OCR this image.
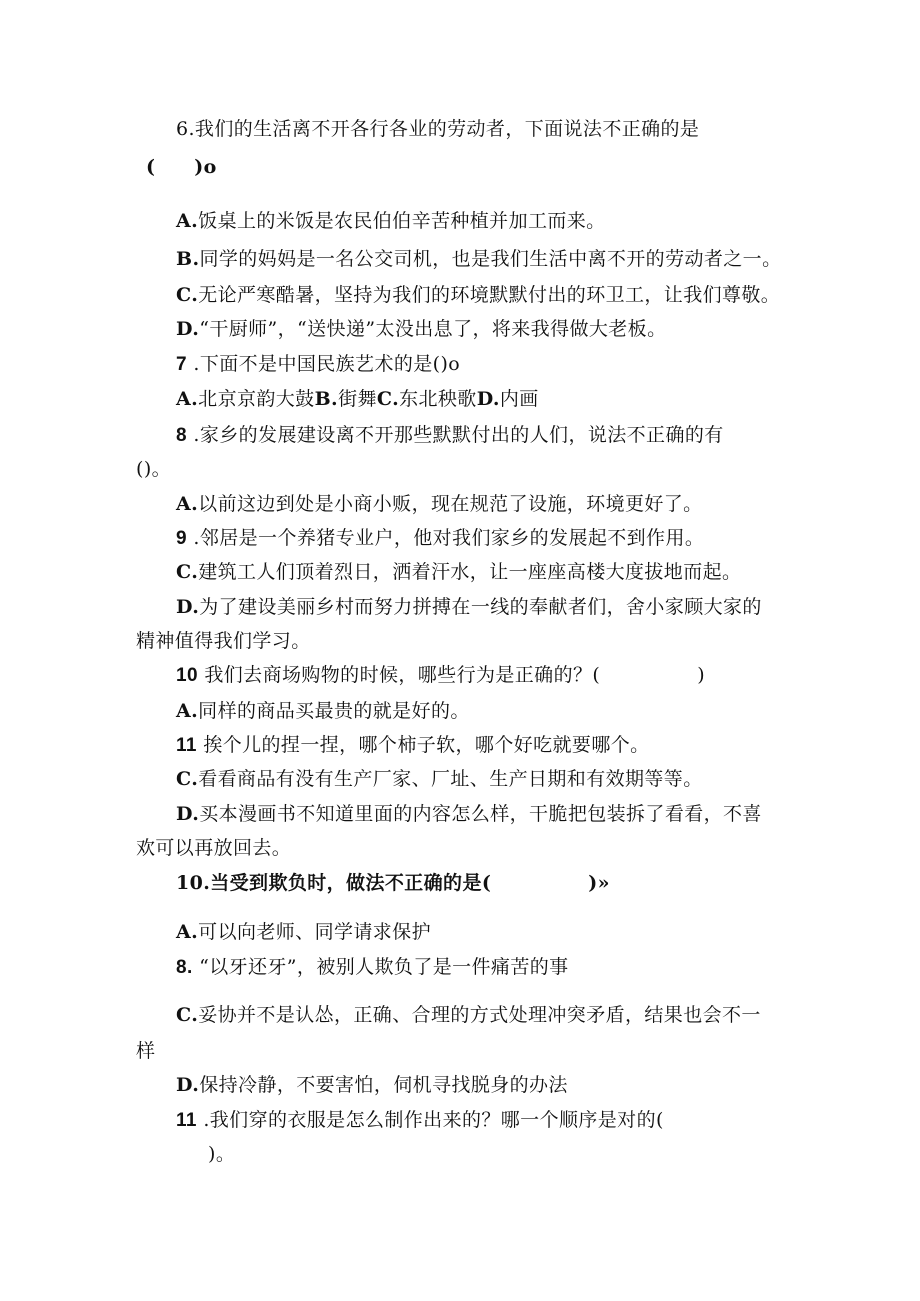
6.我们的生活离不开各行各业的劳动者，下面说法不正确的是
(　　)o
A.饭桌上的米饭是农民伯伯辛苦种植并加工而来。
B.同学的妈妈是一名公交司机，也是我们生活中离不开的劳动者之一。
C.无论严寒酷暑，坚持为我们的环境默默付出的环卫工，让我们尊敬。
D.“干厨师”，“送快递”太没出息了，将来我得做大老板。
7 .下面不是中国民族艺术的是()o
A.北京京韵大鼓B.街舞C.东北秧歌D.内画
8 .家乡的发展建设离不开那些默默付出的人们，说法不正确的有
()。
A.以前这边到处是小商小贩，现在规范了设施，环境更好了。
9 .邻居是一个养猪专业户，他对我们家乡的发展起不到作用。
C.建筑工人们顶着烈日，洒着汗水，让一座座高楼大度拔地而起。
D.为了建设美丽乡村而努力拼搏在一线的奉献者们，舍小家顾大家的
精神值得我们学习。
10 我们去商场购物的时候，哪些行为是正确的？(　　　　　)
A.同样的商品买最贵的就是好的。
11 挨个儿的捏一捏，哪个柿子软，哪个好吃就要哪个。
C.看看商品有没有生产厂家、厂址、生产日期和有效期等等。
D.买本漫画书不知道里面的内容怎么样，干脆把包装拆了看看，不喜
欢可以再放回去。
10.当受到欺负时，做法不正确的是(　　　　　)»
A.可以向老师、同学请求保护
8. “以牙还牙”，被别人欺负了是一件痛苦的事
C.妥协并不是认怂，正确、合理的方式处理冲突矛盾，结果也会不一
样
D.保持冷静，不要害怕，伺机寻找脱身的办法
11 .我们穿的衣服是怎么制作出来的？哪一个顺序是对的(
)。
